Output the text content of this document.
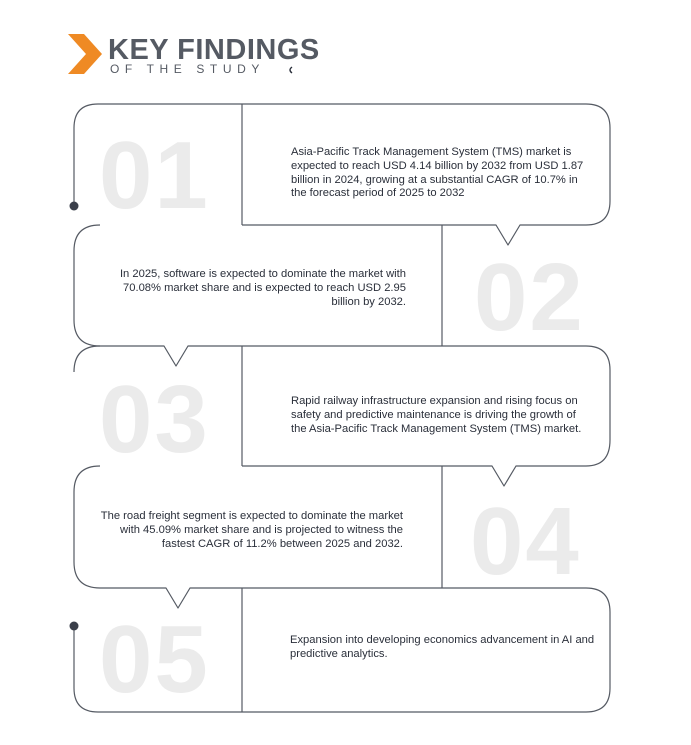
KEY FINDINGS
OF THE STUDY
01	Asia-Pacific Track Management System (TMS) market is expected to reach USD 4.14 billion by 2032 from USD 1.87 billion in 2024, growing at a substantial CAGR of 10.7% in the forecast period of 2025 to 2032
02
In 2025, software is expected to dominate the market with 70.08% market share and is expected to reach USD 2.95 billion by 2032.
03	Rapid railway infrastructure expansion and rising focus on safety and predictive maintenance is driving the growth of the Asia-Pacific Track Management System (TMS) market.
04
The road freight segment is expected to dominate the market with 45.09% market share and is projected to witness the fastest CAGR of 11.2% between 2025 and 2032.
05	Expansion into developing economics advancement in AI and predictive analytics.
